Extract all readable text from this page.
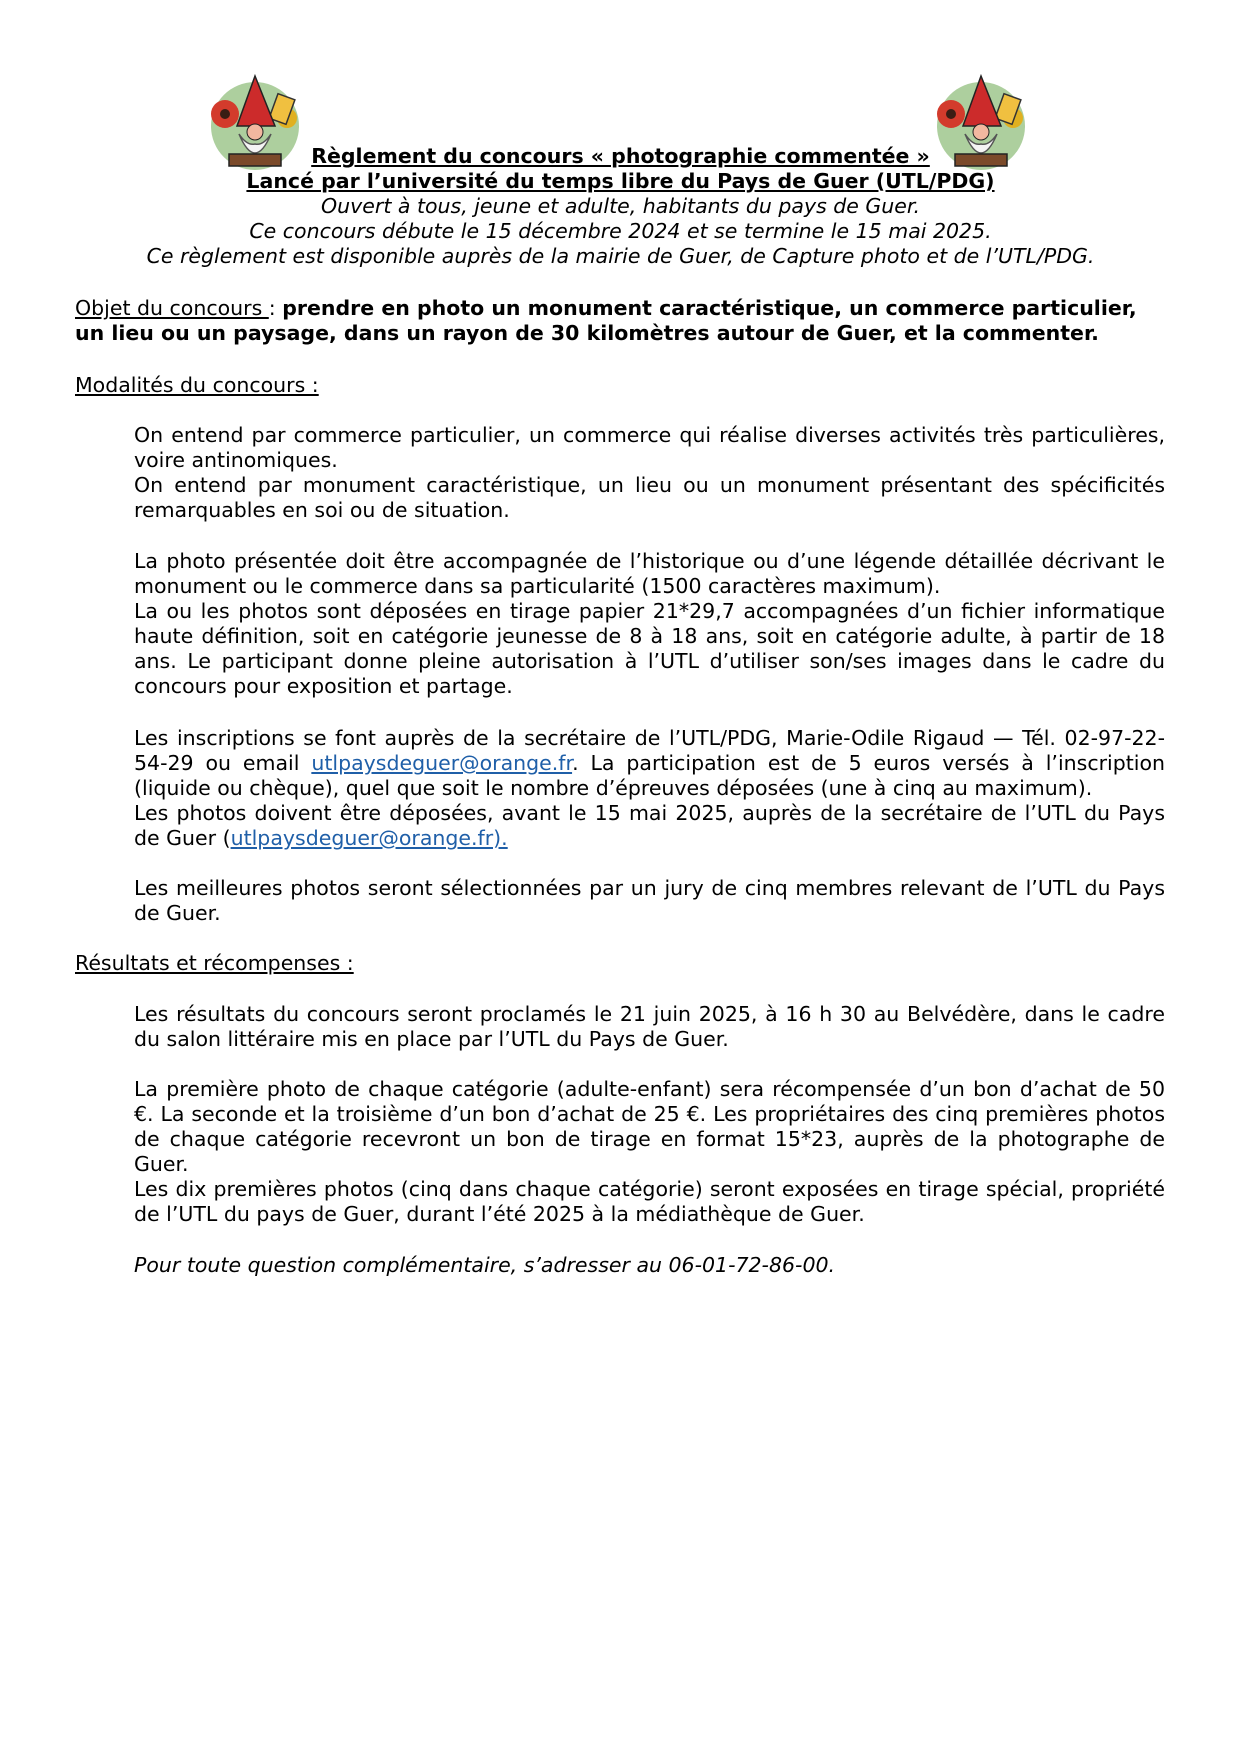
Règlement du concours « photographie commentée »
Lancé par l’université du temps libre du Pays de Guer (UTL/PDG)
Ouvert à tous, jeune et adulte, habitants du pays de Guer.
Ce concours débute le 15 décembre 2024 et se termine le 15 mai 2025.
Ce règlement est disponible auprès de la mairie de Guer, de Capture photo et de l’UTL/PDG.
Objet du concours : prendre en photo un monument caractéristique, un commerce particulier, un lieu ou un paysage, dans un rayon de 30 kilomètres autour de Guer, et la commenter.
Modalités du concours :

On entend par commerce particulier, un commerce qui réalise diverses activités très particulières, voire antinomiques.

On entend par monument caractéristique, un lieu ou un monument présentant des spécificités remarquables en soi ou de situation.

La photo présentée doit être accompagnée de l’historique ou d’une légende détaillée décrivant le monument ou le commerce dans sa particularité (1500 caractères maximum).

La ou les photos sont déposées en tirage papier 21*29,7 accompagnées d’un fichier informatique haute définition, soit en catégorie jeunesse de 8 à 18 ans, soit en catégorie adulte, à partir de 18 ans. Le participant donne pleine autorisation à l’UTL d’utiliser son/ses images dans le cadre du concours pour exposition et partage.

Les inscriptions se font auprès de la secrétaire de l’UTL/PDG, Marie-Odile Rigaud — Tél. 02-97-22-54-29 ou email utlpaysdeguer@orange.fr. La participation est de 5 euros versés à l’inscription (liquide ou chèque), quel que soit le nombre d’épreuves déposées (une à cinq au maximum).

Les photos doivent être déposées, avant le 15 mai 2025, auprès de la secrétaire de l’UTL du Pays de Guer (utlpaysdeguer@orange.fr).

Les meilleures photos seront sélectionnées par un jury de cinq membres relevant de l’UTL du Pays de Guer.

Résultats et récompenses :

Les résultats du concours seront proclamés le 21 juin 2025, à 16 h 30 au Belvédère, dans le cadre du salon littéraire mis en place par l’UTL du Pays de Guer.

La première photo de chaque catégorie (adulte-enfant) sera récompensée d’un bon d’achat de 50 €. La seconde et la troisième d’un bon d’achat de 25 €. Les propriétaires des cinq premières photos de chaque catégorie recevront un bon de tirage en format 15*23, auprès de la photographe de Guer.

Les dix premières photos (cinq dans chaque catégorie) seront exposées en tirage spécial, propriété de l’UTL du pays de Guer, durant l’été 2025 à la médiathèque de Guer.

Pour toute question complémentaire, s’adresser au 06-01-72-86-00.
